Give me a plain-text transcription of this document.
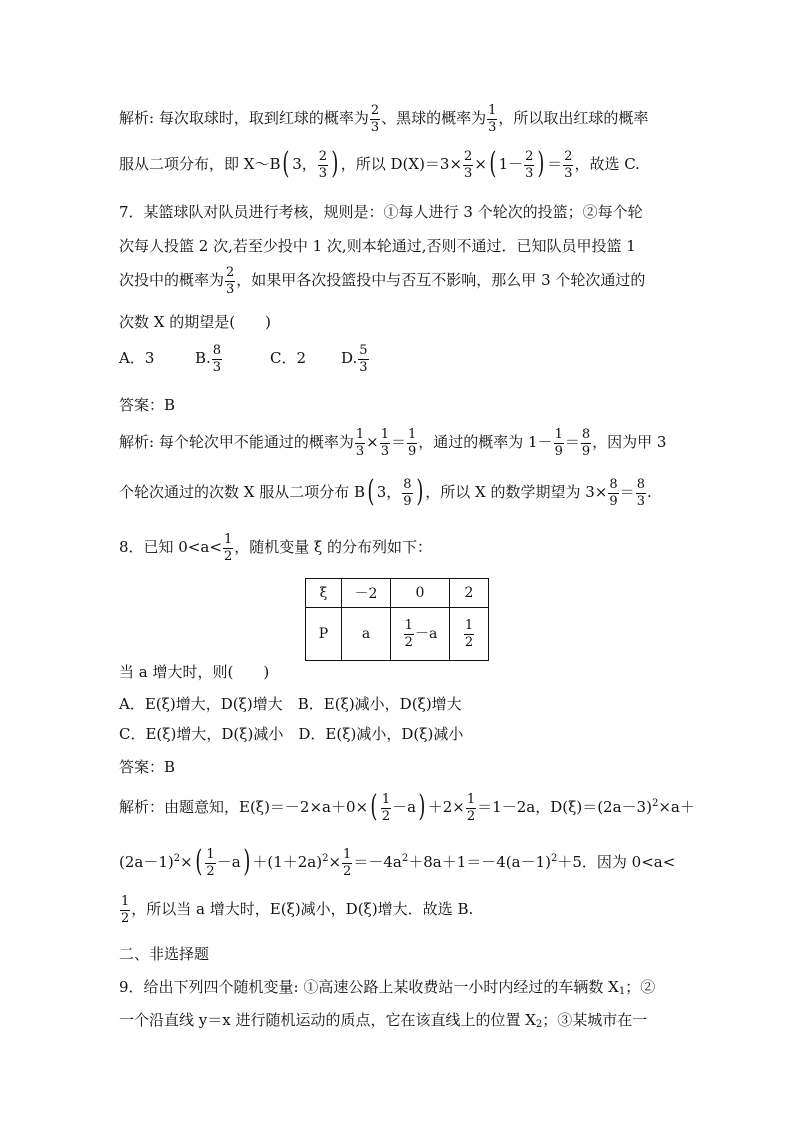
解析: 每次取球时，取到红球的概率为 $\frac{2}{3}$ 、黑球的概率为 $\frac{1}{3}$ ，所以取出红球的概率
服从二项分布，即 X～B( 3， $\frac{2}{3}$ ) ，所以 $D(X)=3\times \frac{2}{3}$ ×( $1- \frac{2}{3}$ ) ＝ $\frac{2}{3}$ ，故选 C.
7．某篮球队对队员进行考核，规则是：①每人进行 3 个轮次的投篮；②每个轮
次每人投篮 2 次,若至少投中 1 次,则本轮通过,否则不通过．已知队员甲投篮 1
次投中的概率为 $\frac{2}{3}$ ，如果甲各次投篮投中与否互不影响，那么甲 3 个轮次通过的
次数 X 的期望是(　　)
A．3	B. $\frac{8}{3}$	C．2 D. $\frac{5}{3}$
答案：B
解析: 每个轮次甲不能通过的概率为 $\frac{1}{3} \times \frac{1}{3} = \frac{1}{9}$ ，通过的概率为 $1- \frac{1}{9} = \frac{8}{9}$ ，因为甲 3
个轮次通过的次数 X 服从二项分布 B( 3， $\frac{8}{9}$ ) ，所以 X 的数学期望为 $3\times \frac{8}{9} = \frac{8}{3}$ .
8．已知 $0<a< \frac{1}{2}$ ，随机变量 ξ 的分布列如下：
ξ	－2	0	2
P	a	$\frac{1}{2} -a$	$\frac{1}{2}$
当 a 增大时，则(　　)
A．E(ξ)增大，D(ξ)增大　B．E(ξ)减小，D(ξ)增大
C．E(ξ)增大，D(ξ)减小　D．E(ξ)减小，D(ξ)减小
答案：B
解析：由题意知，$E(\xi)=-2\times a+0\times( \frac{1}{2} -a) +2\times \frac{1}{2} =1-2a$，$D(\xi)=(2a-3)^2\times a+$
$(2a-1)^2\times( \frac{1}{2} -a) +(1+2a)^2\times \frac{1}{2} =-4a^2+8a+1=-4(a-1)^2+5$．因为 0<a<
$\frac{1}{2}$ ，所以当 a 增大时，E(ξ)减小，D(ξ)增大．故选 B.
二、非选择题
9．给出下列四个随机变量: ①高速公路上某收费站一小时内经过的车辆数 $X_1$；②
一个沿直线 y＝x 进行随机运动的质点，它在该直线上的位置 $X_2$；③某城市在一
